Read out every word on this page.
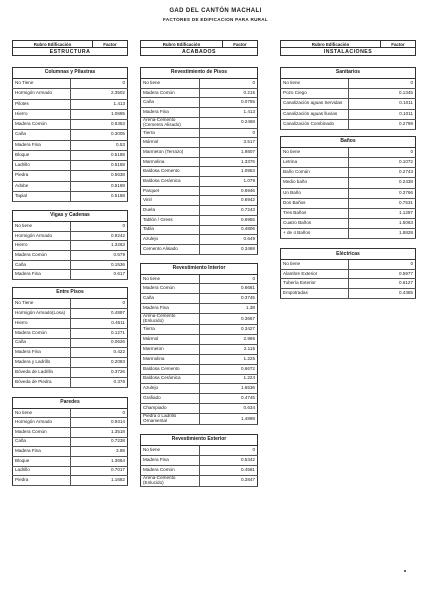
GAD DEL CANTÓN MACHALI
FACTORES DE EDIFICACION PARA RURAL
Rubro Edificación	Factor
ESTRUCTURA
Columnas y Pilastras	
No Tiene	0
Hormigón Armado	2.3502
Pilotes	1.413
Hierro	1.0685
Madera Común	0.6353
Caña	0.3005
Madera Fina	0.53
Bloque	0.5188
Ladrillo	0.5188
Piedra	0.5638
Adobe	0.5188
Tapial	0.5188
Vigas y Cadenas	
No tiene	0
Hormigón Armado	0.9242
Hierro	1.3263
Madera Común	0.579
Caña	0.1536
Madera Fina	0.617
Entre Pisos	
No Tiene	0
Hormigón Armado(Losa)	0.4897
Hierro	0.4611
Madera Común	0.1271
Caña	0.0626
Madera Fina	0.422
Madera y Ladrillo	0.2083
Bóveda de Ladrillo	0.3726
Bóveda de Piedra	0.376
Paredes	
No tiene	0
Hormigón Armado	0.9314
Madera Común	1.3518
Caña	0.7238
Madera Fina	3.88
Bloque	1.3664
Ladrillo	0.7017
Piedra	1.1682
Rubro Edificación	Factor
ACABADOS
Revestimiento de Pisos	
No tiene	0
Madera Común	0.215
Caña	0.0755
Madera Fina	1.413
Arena-Cemento (Cemento Alisado)	0.2468
Tierra	0
Mármol	3.517
Marmeton (Terrazo)	1.9807
Marmolina	1.3376
Baldosa Cemento	1.0953
Baldosa Cerámica	1.079
Parquet	0.6946
Vinil	0.6942
Duela	0.7243
Tablón / Gress	0.6955
Tabla	0.4806
Azulejo	0.649
Cemento Alisado	0.3468
Revestimiento Interior	
No tiene	0
Madera Común	0.6681
Caña	0.3745
Madera Fina	1.38
Arena-Cemento (Enlucido)	0.3667
Tierra	0.3427
Mármol	2.995
Marmeton	2.115
Marmolina	1.225
Baldosa Cemento	0.6672
Baldosa Cerámica	1.224
Azulejo	1.6536
Grafiado	0.4745
Champiado	0.634
Piedra o Ladrillo Ornamental	1.4898
Revestimiento Exterior	
No tiene	0
Madera Fina	0.5342
Madera Común	0.4581
Arena-Cemento (Enlucido)	0.2847
Rubro Edificación	Factor
INSTALACIONES
Sanitarios	
No tiene	0
Pozo Ciego	0.1345
Canalización aguas Servidas	0.1011
Canalización aguas lluvias	0.1011
Canalización Combinado	0.2799
Baños	
No tiene	0
Letrina	0.1072
Baño Común	0.2743
Medio baño	0.2438
Un Baño	0.3766
Dos Baños	0.7531
Tres Baños	1.1297
Cuatro Baños	1.5063
+ de 4 Baños	1.8828
Eléctricas	
No tiene	0
Alambre Exterior	0.5977
Tubería Exterior	0.6127
Empotradas	0.4365
